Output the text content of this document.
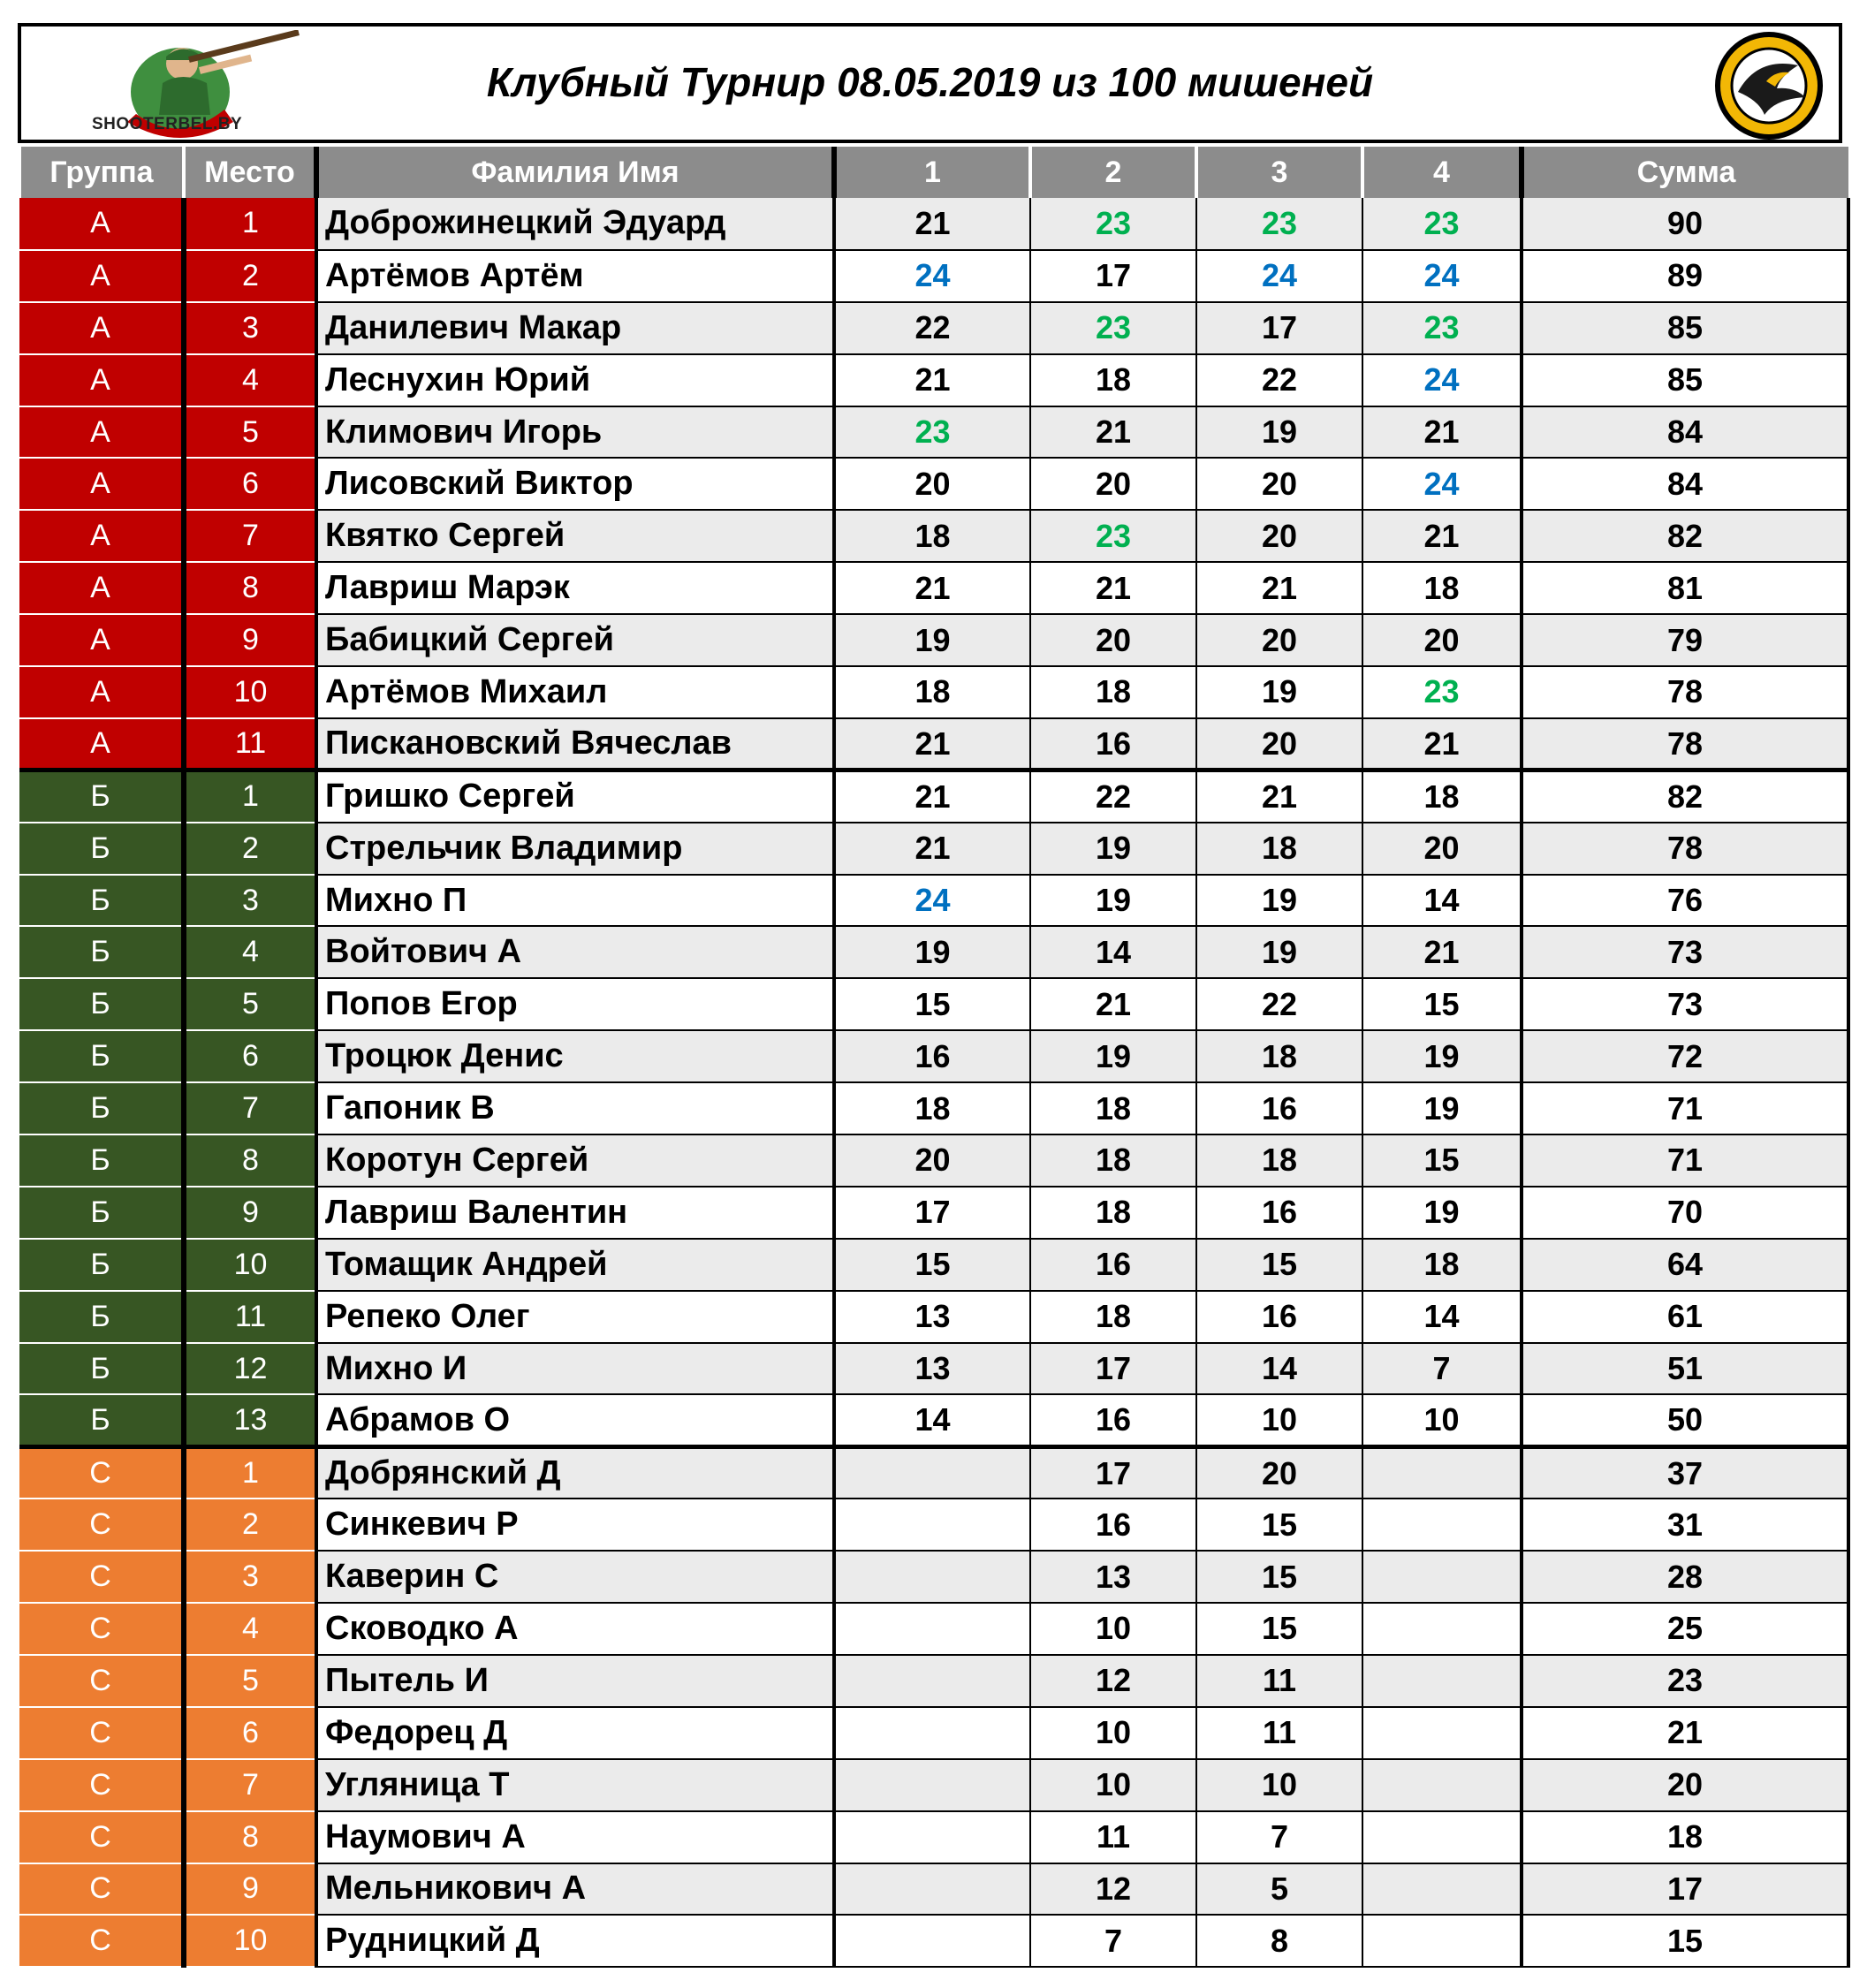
SHOOTERBEL.BY
Клубный Турнир 08.05.2019 из 100 мишеней
Группа	Место	Фамилия Имя	1	2	3	4	Сумма
А	1	Доброжинецкий Эдуард	21	23	23	23	90
А	2	Артёмов Артём	24	17	24	24	89
А	3	Данилевич Макар	22	23	17	23	85
А	4	Леснухин Юрий	21	18	22	24	85
А	5	Климович Игорь	23	21	19	21	84
А	6	Лисовский Виктор	20	20	20	24	84
А	7	Квятко Сергей	18	23	20	21	82
А	8	Лавриш Марэк	21	21	21	18	81
А	9	Бабицкий Сергей	19	20	20	20	79
А	10	Артёмов Михаил	18	18	19	23	78
А	11	Пискановский Вячеслав	21	16	20	21	78
Б	1	Гришко Сергей	21	22	21	18	82
Б	2	Стрельчик Владимир	21	19	18	20	78
Б	3	Михно П	24	19	19	14	76
Б	4	Войтович А	19	14	19	21	73
Б	5	Попов Егор	15	21	22	15	73
Б	6	Троцюк Денис	16	19	18	19	72
Б	7	Гапоник В	18	18	16	19	71
Б	8	Коротун Сергей	20	18	18	15	71
Б	9	Лавриш Валентин	17	18	16	19	70
Б	10	Томащик Андрей	15	16	15	18	64
Б	11	Репеко Олег	13	18	16	14	61
Б	12	Михно И	13	17	14	7	51
Б	13	Абрамов О	14	16	10	10	50
С	1	Добрянский Д		17	20		37
С	2	Синкевич Р		16	15		31
С	3	Каверин С		13	15		28
С	4	Сководко А		10	15		25
С	5	Пытель И		12	11		23
С	6	Федорец Д		10	11		21
С	7	Угляница Т		10	10		20
С	8	Наумович А		11	7		18
С	9	Мельникович А		12	5		17
С	10	Рудницкий Д		7	8		15
